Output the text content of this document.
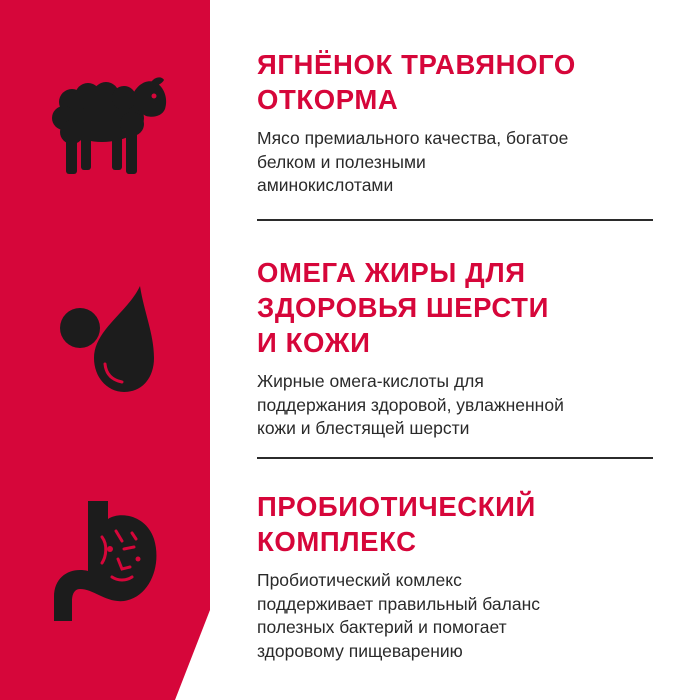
ЯГНЁНОК ТРАВЯНОГО
ОТКОРМА

Мясо премиального качества, богатое
белком и полезными
аминокислотами

ОМЕГА ЖИРЫ ДЛЯ
ЗДОРОВЬЯ ШЕРСТИ
И КОЖИ

Жирные омега-кислоты для
поддержания здоровой, увлажненной
кожи и блестящей шерсти

ПРОБИОТИЧЕСКИЙ
КОМПЛЕКС

Пробиотический комлекс
поддерживает правильный баланс
полезных бактерий и помогает
здоровому пищеварению
